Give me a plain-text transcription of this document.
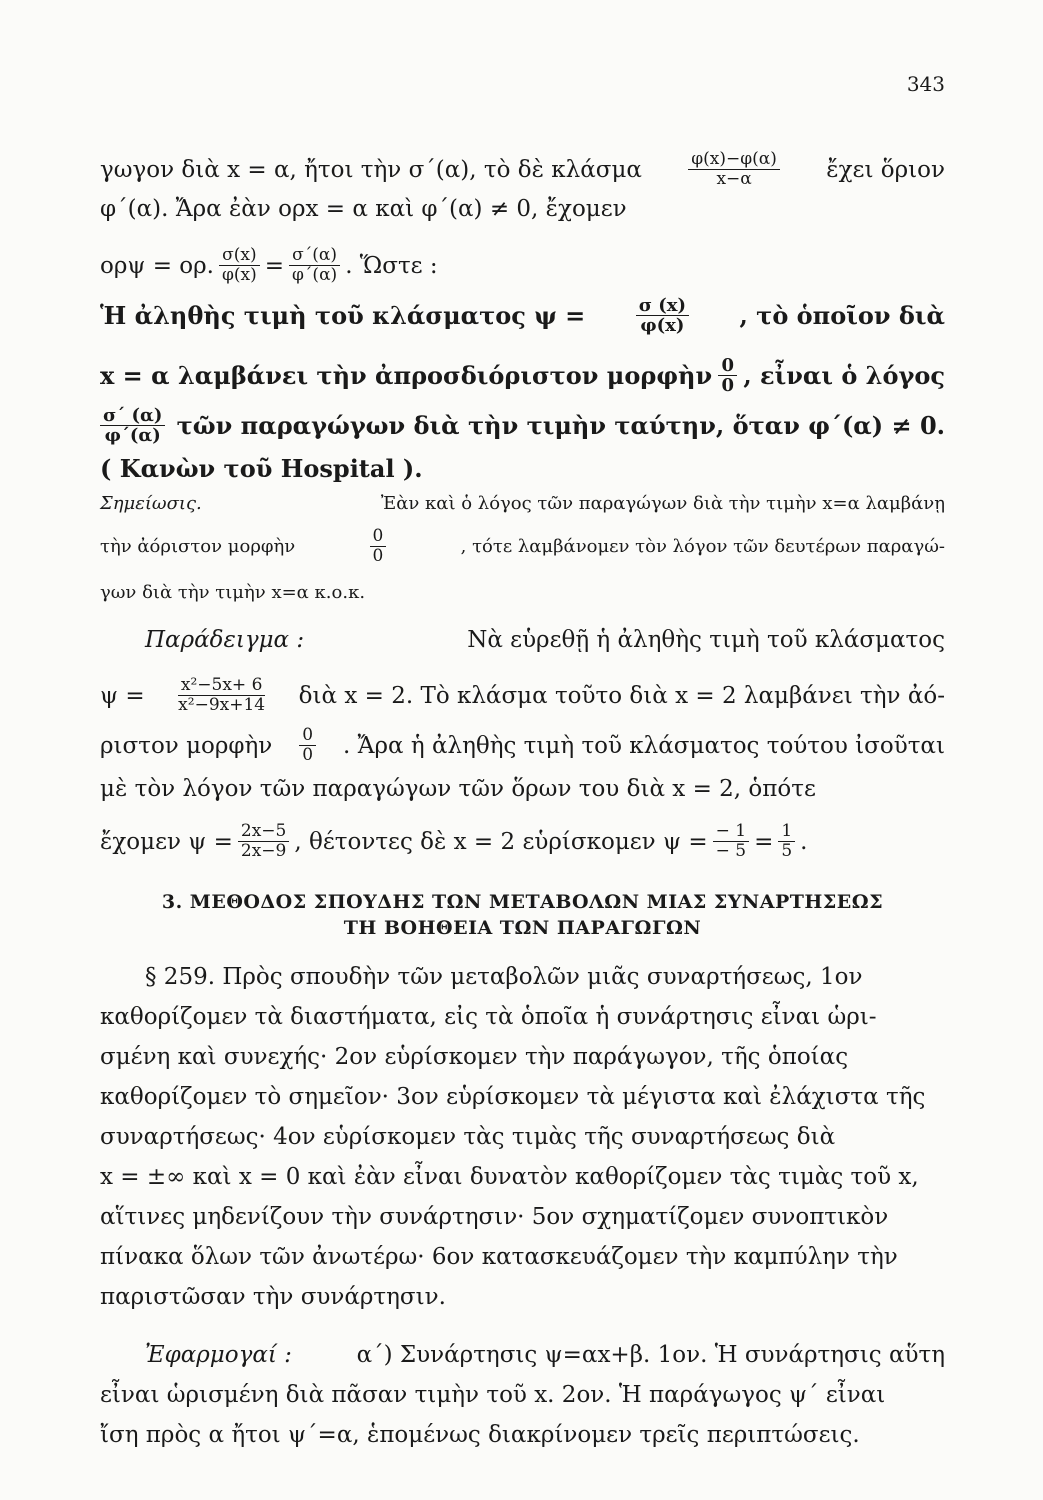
343
γωγον διὰ x = α, ἤτοι τὴν σ΄(α), τὸ δὲ κλάσμα	$\frac{\varphi(x)-\varphi(\alpha)}{x-\alpha}$ ἔχει ὅριον
φ΄(α). Ἄρα ἐὰν ορx = α καὶ φ΄(α) ≠ 0, ἔχομεν
ορψ = ορ. $\frac{\sigma(x)}{\varphi(x)} = \frac{\sigma΄(\alpha)}{\varphi΄(\alpha)}$ . Ὥστε :
Ἡ ἀληθὴς τιμὴ τοῦ κλάσματος ψ =	$\frac{\sigma (x)}{\varphi(x)}$ , τὸ ὁποῖον διὰ
x = α λαμβάνει τὴν ἀπροσδιόριστον μορφὴν $\frac{0}{0}$ , εἶναι ὁ λόγος
$\frac{\sigma΄ (\alpha)}{\varphi΄(\alpha)}$ τῶν παραγώγων διὰ τὴν τιμὴν ταύτην, ὅταν φ΄(α) ≠ 0.
( Κανὼν τοῦ Hospital ).
Σημείωσις.	Ἐὰν καὶ ὁ λόγος τῶν παραγώγων διὰ τὴν τιμὴν x=α λαμβάνῃ
τὴν ἀόριστον μορφὴν	$\frac{0}{0}$	, τότε λαμβάνομεν τὸν λόγον τῶν δευτέρων παραγώ-
γων διὰ τὴν τιμὴν x=α κ.ο.κ.
Παράδειγμα :	Νὰ εὑρεθῇ ἡ ἀληθὴς τιμὴ τοῦ κλάσματος
$\psi = \frac{\text{x²−5x+ 6}}{\text{x²−9x+14}}$ διὰ x = 2. Τὸ κλάσμα τοῦτο διὰ x = 2 λαμβάνει τὴν ἀό-
ριστον μορφὴν $\frac{0}{0}$ . Ἄρα ἡ ἀληθὴς τιμὴ τοῦ κλάσματος τούτου ἰσοῦται
μὲ τὸν λόγον τῶν παραγώγων τῶν ὅρων του διὰ x = 2, ὁπότε
ἔχομεν $\psi = \frac{2x-5}{2x-9}$ , θέτοντες δὲ x = 2 εὑρίσκομεν $\psi = \frac{- 1}{- 5} = \frac{1}{5}$ .
3. ΜΕΘΟΔΟΣ ΣΠΟΥΔΗΣ ΤΩΝ ΜΕΤΑΒΟΛΩΝ ΜΙΑΣ ΣΥΝΑΡΤΗΣΕΩΣ
ΤΗ ΒΟΗΘΕΙΑ ΤΩΝ ΠΑΡΑΓΩΓΩΝ
§ 259. Πρὸς σπουδὴν τῶν μεταβολῶν μιᾶς συναρτήσεως, 1ον
καθορίζομεν τὰ διαστήματα, εἰς τὰ ὁποῖα ἡ συνάρτησις εἶναι ὡρι-
σμένη καὶ συνεχής· 2ον εὑρίσκομεν τὴν παράγωγον, τῆς ὁποίας
καθορίζομεν τὸ σημεῖον· 3ον εὑρίσκομεν τὰ μέγιστα καὶ ἐλάχιστα τῆς
συναρτήσεως· 4ον εὑρίσκομεν τὰς τιμὰς τῆς συναρτήσεως διὰ
x = ±∞ καὶ x = 0 καὶ ἐὰν εἶναι δυνατὸν καθορίζομεν τὰς τιμὰς τοῦ x,
αἵτινες μηδενίζουν τὴν συνάρτησιν· 5ον σχηματίζομεν συνοπτικὸν
πίνακα ὅλων τῶν ἀνωτέρω· 6ον κατασκευάζομεν τὴν καμπύλην τὴν
παριστῶσαν τὴν συνάρτησιν.
Ἐφαρμογαί :	α΄) Συνάρτησις ψ=αx+β. 1ον. Ἡ συνάρτησις αὕτη
εἶναι ὡρισμένη διὰ πᾶσαν τιμὴν τοῦ x. 2ον. Ἡ παράγωγος ψ΄ εἶναι
ἴση πρὸς α ἤτοι ψ΄=α, ἑπομένως διακρίνομεν τρεῖς περιπτώσεις.
